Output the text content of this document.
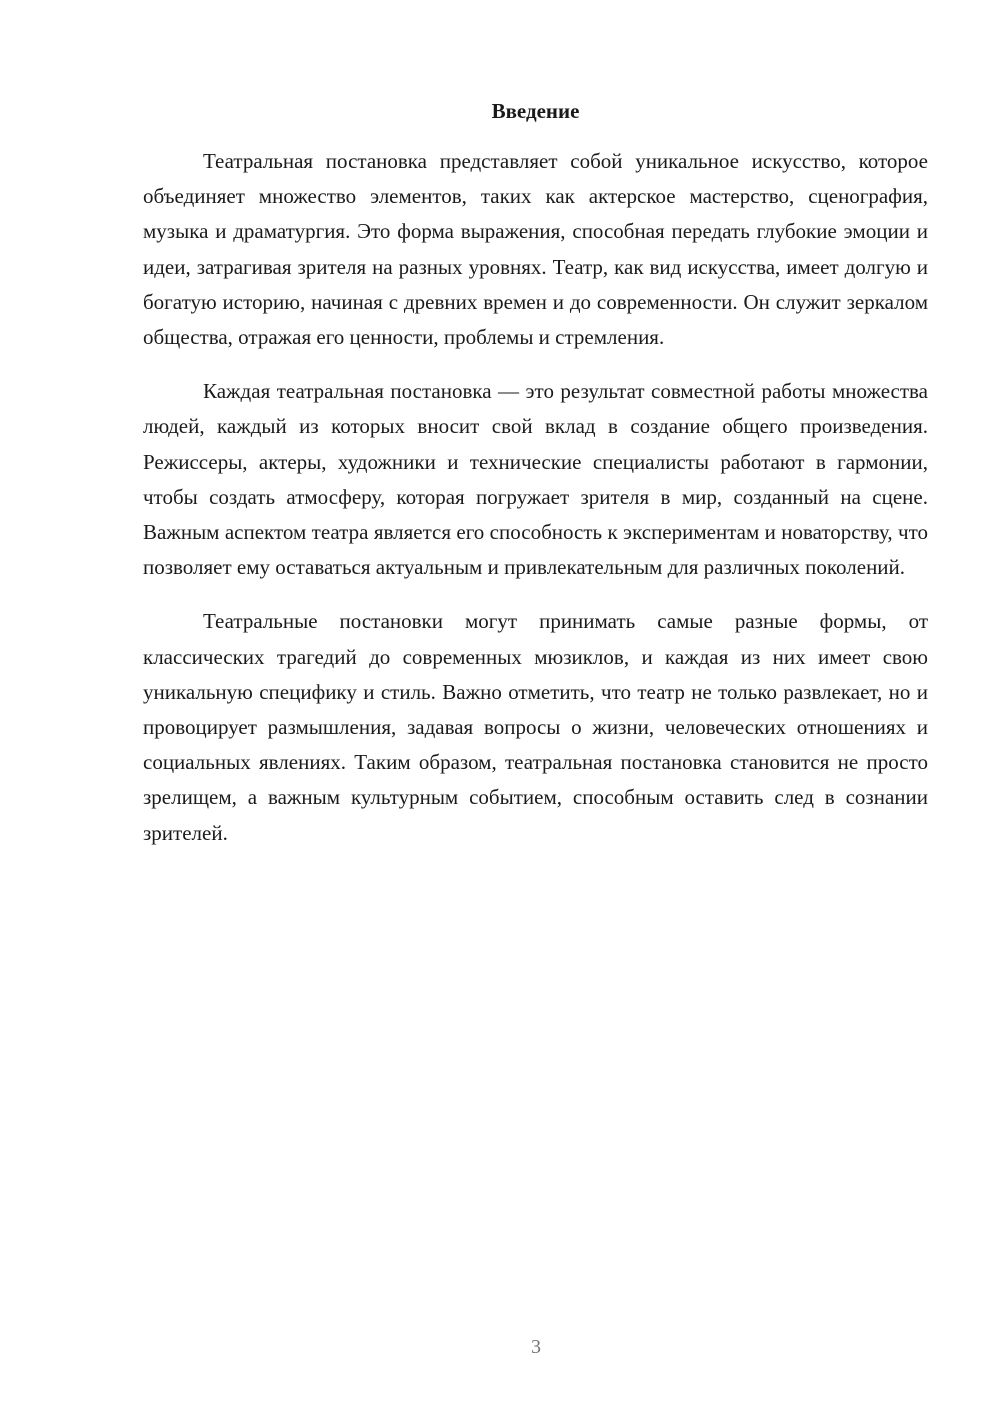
Введение

Театральная постановка представляет собой уникальное искусство, которое объединяет множество элементов, таких как актерское мастерство, сценография, музыка и драматургия. Это форма выражения, способная передать глубокие эмоции и идеи, затрагивая зрителя на разных уровнях. Театр, как вид искусства, имеет долгую и богатую историю, начиная с древних времен и до современности. Он служит зеркалом общества, отражая его ценности, проблемы и стремления.

Каждая театральная постановка — это результат совместной работы множества людей, каждый из которых вносит свой вклад в создание общего произведения. Режиссеры, актеры, художники и технические специалисты работают в гармонии, чтобы создать атмосферу, которая погружает зрителя в мир, созданный на сцене. Важным аспектом театра является его способность к экспериментам и новаторству, что позволяет ему оставаться актуальным и привлекательным для различных поколений.

Театральные постановки могут принимать самые разные формы, от классических трагедий до современных мюзиклов, и каждая из них имеет свою уникальную специфику и стиль. Важно отметить, что театр не только развлекает, но и провоцирует размышления, задавая вопросы о жизни, человеческих отношениях и социальных явлениях. Таким образом, театральная постановка становится не просто зрелищем, а важным культурным событием, способным оставить след в сознании зрителей.

3
